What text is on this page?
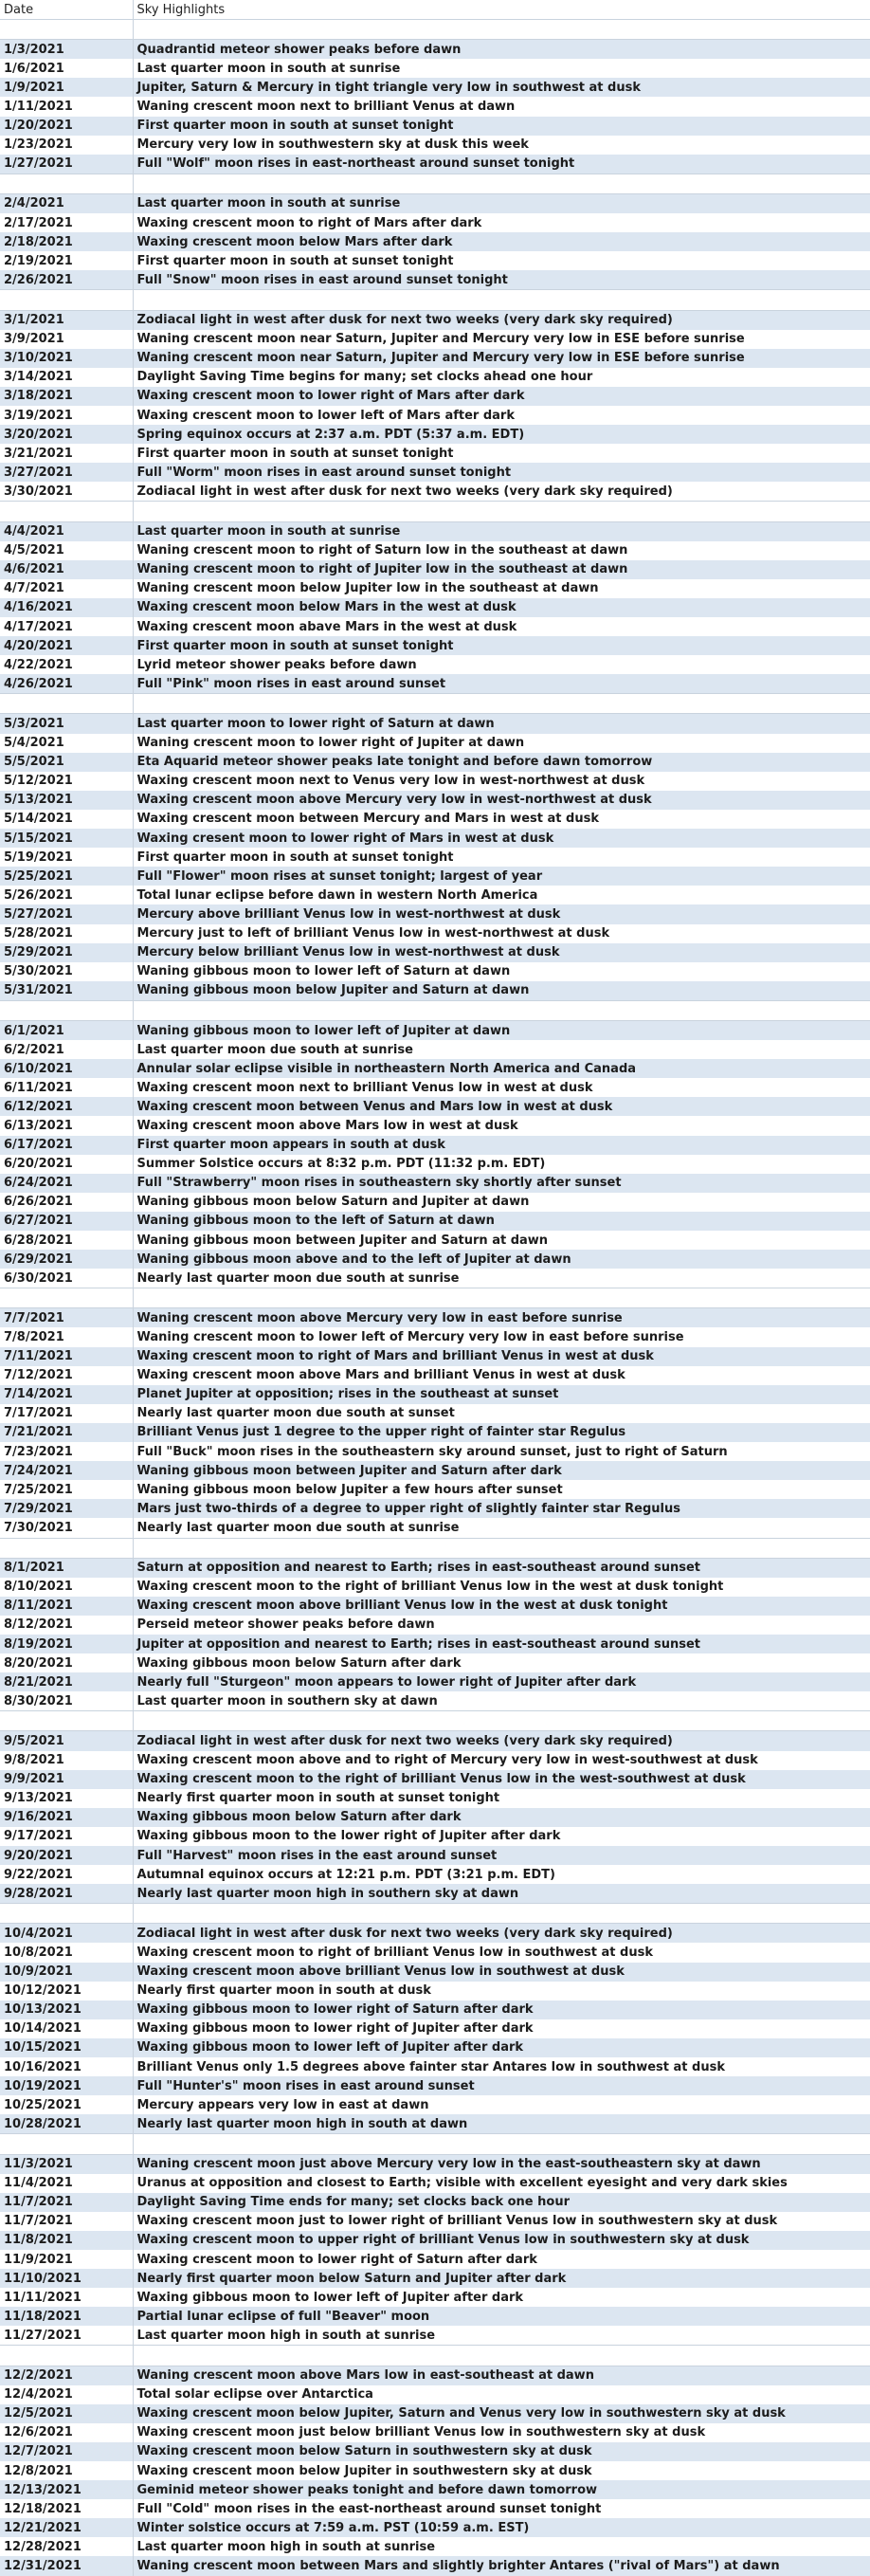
Date	Sky Highlights

1/3/2021	Quadrantid meteor shower peaks before dawn
1/6/2021	Last quarter moon in south at sunrise
1/9/2021	Jupiter, Saturn & Mercury in tight triangle very low in southwest at dusk
1/11/2021	Waning crescent moon next to brilliant Venus at dawn
1/20/2021	First quarter moon in south at sunset tonight
1/23/2021	Mercury very low in southwestern sky at dusk this week
1/27/2021	Full "Wolf" moon rises in east-northeast around sunset tonight

2/4/2021	Last quarter moon in south at sunrise
2/17/2021	Waxing crescent moon to right of Mars after dark
2/18/2021	Waxing crescent moon below Mars after dark
2/19/2021	First quarter moon in south at sunset tonight
2/26/2021	Full "Snow" moon rises in east around sunset tonight

3/1/2021	Zodiacal light in west after dusk for next two weeks (very dark sky required)
3/9/2021	Waning crescent moon near Saturn, Jupiter and Mercury very low in ESE before sunrise
3/10/2021	Waning crescent moon near Saturn, Jupiter and Mercury very low in ESE before sunrise
3/14/2021	Daylight Saving Time begins for many; set clocks ahead one hour
3/18/2021	Waxing crescent moon to lower right of Mars after dark
3/19/2021	Waxing crescent moon to lower left of Mars after dark
3/20/2021	Spring equinox occurs at 2:37 a.m. PDT (5:37 a.m. EDT)
3/21/2021	First quarter moon in south at sunset tonight
3/27/2021	Full "Worm" moon rises in east around sunset tonight
3/30/2021	Zodiacal light in west after dusk for next two weeks (very dark sky required)

4/4/2021	Last quarter moon in south at sunrise
4/5/2021	Waning crescent moon to right of Saturn low in the southeast at dawn
4/6/2021	Waning crescent moon to right of Jupiter low in the southeast at dawn
4/7/2021	Waning crescent moon below Jupiter low in the southeast at dawn
4/16/2021	Waxing crescent moon below Mars in the west at dusk
4/17/2021	Waxing crescent moon abave Mars in the west at dusk
4/20/2021	First quarter moon in south at sunset tonight
4/22/2021	Lyrid meteor shower peaks before dawn
4/26/2021	Full "Pink" moon rises in east around sunset

5/3/2021	Last quarter moon to lower right of Saturn at dawn
5/4/2021	Waning crescent moon to lower right of Jupiter at dawn
5/5/2021	Eta Aquarid meteor shower peaks late tonight and before dawn tomorrow
5/12/2021	Waxing crescent moon next to Venus very low in west-northwest at dusk
5/13/2021	Waxing crescent moon above Mercury very low in west-northwest at dusk
5/14/2021	Waxing crescent moon between Mercury and Mars in west at dusk
5/15/2021	Waxing cresent moon to lower right of Mars in west at dusk
5/19/2021	First quarter moon in south at sunset tonight
5/25/2021	Full "Flower" moon rises at sunset tonight; largest of year
5/26/2021	Total lunar eclipse before dawn in western North America
5/27/2021	Mercury above brilliant Venus low in west-northwest at dusk
5/28/2021	Mercury just to left of brilliant Venus low in west-northwest at dusk
5/29/2021	Mercury below brilliant Venus low in west-northwest at dusk
5/30/2021	Waning gibbous moon to lower left of Saturn at dawn
5/31/2021	Waning gibbous moon below Jupiter and Saturn at dawn

6/1/2021	Waning gibbous moon to lower left of Jupiter at dawn
6/2/2021	Last quarter moon due south at sunrise
6/10/2021	Annular solar eclipse visible in northeastern North America and Canada
6/11/2021	Waxing crescent moon next to brilliant Venus low in west at dusk
6/12/2021	Waxing crescent moon between Venus and Mars low in west at dusk
6/13/2021	Waxing crescent moon above Mars low in west at dusk
6/17/2021	First quarter moon appears in south at dusk
6/20/2021	Summer Solstice occurs at 8:32 p.m. PDT (11:32 p.m. EDT)
6/24/2021	Full "Strawberry" moon rises in southeastern sky shortly after sunset
6/26/2021	Waning gibbous moon below Saturn and Jupiter at dawn
6/27/2021	Waning gibbous moon to the left of Saturn at dawn
6/28/2021	Waning gibbous moon between Jupiter and Saturn at dawn
6/29/2021	Waning gibbous moon above and to the left of Jupiter at dawn
6/30/2021	Nearly last quarter moon due south at sunrise

7/7/2021	Waning crescent moon above Mercury very low in east before sunrise
7/8/2021	Waning crescent moon to lower left of Mercury very low in east before sunrise
7/11/2021	Waxing crescent moon to right of Mars and brilliant Venus in west at dusk
7/12/2021	Waxing crescent moon above Mars and brilliant Venus in west at dusk
7/14/2021	Planet Jupiter at opposition; rises in the southeast at sunset
7/17/2021	Nearly last quarter moon due south at sunset
7/21/2021	Brilliant Venus just 1 degree to the upper right of fainter star Regulus
7/23/2021	Full "Buck" moon rises in the southeastern sky around sunset, just to right of Saturn
7/24/2021	Waning gibbous moon between Jupiter and Saturn after dark
7/25/2021	Waning gibbous moon below Jupiter a few hours after sunset
7/29/2021	Mars just two-thirds of a degree to upper right of slightly fainter star Regulus
7/30/2021	Nearly last quarter moon due south at sunrise

8/1/2021	Saturn at opposition and nearest to Earth; rises in east-southeast around sunset
8/10/2021	Waxing crescent moon to the right of brilliant Venus low in the west at dusk tonight
8/11/2021	Waxing crescent moon above brilliant Venus low in the west at dusk tonight
8/12/2021	Perseid meteor shower peaks before dawn
8/19/2021	Jupiter at opposition and nearest to Earth; rises in east-southeast around sunset
8/20/2021	Waxing gibbous moon below Saturn after dark
8/21/2021	Nearly full "Sturgeon" moon appears to lower right of Jupiter after dark
8/30/2021	Last quarter moon in southern sky at dawn

9/5/2021	Zodiacal light in west after dusk for next two weeks (very dark sky required)
9/8/2021	Waxing crescent moon above and to right of Mercury very low in west-southwest at dusk
9/9/2021	Waxing crescent moon to the right of brilliant Venus low in the west-southwest at dusk
9/13/2021	Nearly first quarter moon in south at sunset tonight
9/16/2021	Waxing gibbous moon below Saturn after dark
9/17/2021	Waxing gibbous moon to the lower right of Jupiter after dark
9/20/2021	Full "Harvest" moon rises in the east around sunset
9/22/2021	Autumnal equinox occurs at 12:21 p.m. PDT (3:21 p.m. EDT)
9/28/2021	Nearly last quarter moon high in southern sky at dawn

10/4/2021	Zodiacal light in west after dusk for next two weeks (very dark sky required)
10/8/2021	Waxing crescent moon to right of brilliant Venus low in southwest at dusk
10/9/2021	Waxing crescent moon above brilliant Venus low in southwest at dusk
10/12/2021	Nearly first quarter moon in south at dusk
10/13/2021	Waxing gibbous moon to lower right of Saturn after dark
10/14/2021	Waxing gibbous moon to lower right of Jupiter after dark
10/15/2021	Waxing gibbous moon to lower left of Jupiter after dark
10/16/2021	Brilliant Venus only 1.5 degrees above fainter star Antares low in southwest at dusk
10/19/2021	Full "Hunter's" moon rises in east around sunset
10/25/2021	Mercury appears very low in east at dawn
10/28/2021	Nearly last quarter moon high in south at dawn

11/3/2021	Waning crescent moon just above Mercury very low in the east-southeastern sky at dawn
11/4/2021	Uranus at opposition and closest to Earth; visible with excellent eyesight and very dark skies
11/7/2021	Daylight Saving Time ends for many; set clocks back one hour
11/7/2021	Waxing crescent moon just to lower right of brilliant Venus low in southwestern sky at dusk
11/8/2021	Waxing crescent moon to upper right of brilliant Venus low in southwestern sky at dusk
11/9/2021	Waxing crescent moon to lower right of Saturn after dark
11/10/2021	Nearly first quarter moon below Saturn and Jupiter after dark
11/11/2021	Waxing gibbous moon to lower left of Jupiter after dark
11/18/2021	Partial lunar eclipse of full "Beaver" moon
11/27/2021	Last quarter moon high in south at sunrise

12/2/2021	Waning crescent moon above Mars low in east-southeast at dawn
12/4/2021	Total solar eclipse over Antarctica
12/5/2021	Waxing crescent moon below Jupiter, Saturn and Venus very low in southwestern sky at dusk
12/6/2021	Waxing crescent moon just below brilliant Venus low in southwestern sky at dusk
12/7/2021	Waxing crescent moon below Saturn in southwestern sky at dusk
12/8/2021	Waxing crescent moon below Jupiter in southwestern sky at dusk
12/13/2021	Geminid meteor shower peaks tonight and before dawn tomorrow
12/18/2021	Full "Cold" moon rises in the east-northeast around sunset tonight
12/21/2021	Winter solstice occurs at 7:59 a.m. PST (10:59 a.m. EST)
12/28/2021	Last quarter moon high in south at sunrise
12/31/2021	Waning crescent moon between Mars and slightly brighter Antares ("rival of Mars") at dawn
